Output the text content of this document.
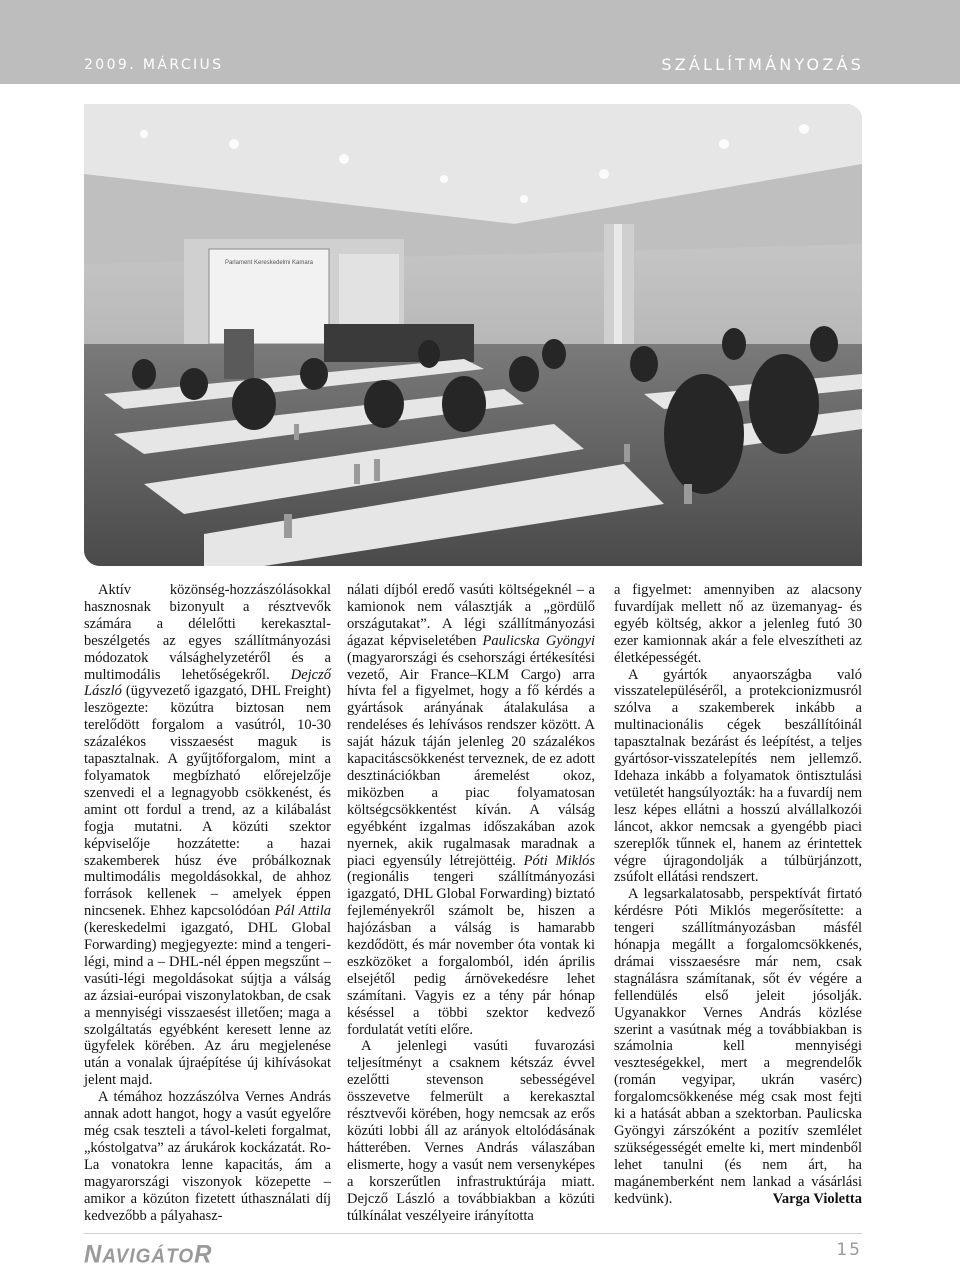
2009. MÁRCIUS	SZÁLLÍTMÁNYOZÁS
Parlament Kereskedelmi Kamara

Aktív közönség-hozzászólásokkal hasznosnak bizonyult a résztvevők számára a délelőtti kerekasztal-beszélgetés az egyes szállítmányozási módozatok válsághelyzetéről és a multimodális lehetőségekről. Dejcző László (ügyvezető igazgató, DHL Freight) leszögezte: közútra biztosan nem terelődött forgalom a vasútról, 10-30 százalékos visszaesést maguk is tapasztalnak. A gyűjtőforgalom, mint a folyamatok megbízható előrejelzője szenvedi el a legnagyobb csökkenést, és amint ott fordul a trend, az a kilábalást fogja mutatni. A közúti szektor képviselője hozzátette: a hazai szakemberek húsz éve próbálkoznak multimodális megoldásokkal, de ahhoz források kellenek – amelyek éppen nincsenek. Ehhez kapcsolódóan Pál Attila (kereskedelmi igazgató, DHL Global Forwarding) megjegyezte: mind a tengeri-légi, mind a – DHL-nél éppen megszűnt – vasúti-légi megoldásokat sújtja a válság az ázsiai-európai viszonylatokban, de csak a mennyiségi visszaesést illetően; maga a szolgáltatás egyébként keresett lenne az ügyfelek körében. Az áru megjelenése után a vonalak újraépítése új kihívásokat jelent majd.

A témához hozzászólva Vernes András annak adott hangot, hogy a vasút egyelőre még csak teszteli a távol-keleti forgalmat, „kóstolgatva” az árukárok kockázatát. Ro-La vonatokra lenne kapacitás, ám a magyarországi viszonyok közepette – amikor a közúton fizetett úthasználati díj kedvezőbb a pályahasz-

nálati díjból eredő vasúti költségeknél – a kamionok nem választják a „gördülő országutakat”. A légi szállítmányozási ágazat képviseletében Paulicska Gyöngyi (magyarországi és csehországi értékesítési vezető, Air France–KLM Cargo) arra hívta fel a figyelmet, hogy a fő kérdés a gyártások arányának átalakulása a rendeléses és lehívásos rendszer között. A saját házuk táján jelenleg 20 százalékos kapacitáscsökkenést terveznek, de ez adott desztinációkban áremelést okoz, miközben a piac folyamatosan költségcsökkentést kíván. A válság egyébként izgalmas időszakában azok nyernek, akik rugalmasak maradnak a piaci egyensúly létrejöttéig. Póti Miklós (regionális tengeri szállítmányozási igazgató, DHL Global Forwarding) biztató fejleményekről számolt be, hiszen a hajózásban a válság is hamarabb kezdődött, és már november óta vontak ki eszközöket a forgalomból, idén április elsejétől pedig árnövekedésre lehet számítani. Vagyis ez a tény pár hónap késéssel a többi szektor kedvező fordulatát vetíti előre.

A jelenlegi vasúti fuvarozási teljesítményt a csaknem kétszáz évvel ezelőtti stevenson sebességével összevetve felmerült a kerekasztal résztvevői körében, hogy nemcsak az erős közúti lobbi áll az arányok eltolódásának hátterében. Vernes András válaszában elismerte, hogy a vasút nem versenyképes a korszerűtlen infrastruktúrája miatt. Dejcző László a továbbiakban a közúti túlkínálat veszélyeire irányította

a figyelmet: amennyiben az alacsony fuvardíjak mellett nő az üzemanyag- és egyéb költség, akkor a jelenleg futó 30 ezer kamionnak akár a fele elveszítheti az életképességét.

A gyártók anyaországba való visszatelepüléséről, a protekcionizmusról szólva a szakemberek inkább a multinacionális cégek beszállítóinál tapasztalnak bezárást és leépítést, a teljes gyártósor-visszatelepítés nem jellemző. Idehaza inkább a folyamatok öntisztulási vetületét hangsúlyozták: ha a fuvardíj nem lesz képes ellátni a hosszú alvállalkozói láncot, akkor nemcsak a gyengébb piaci szereplők tűnnek el, hanem az érintettek végre újragondolják a túlbürjánzott, zsúfolt ellátási rendszert.

A legsarkalatosabb, perspektívát firtató kérdésre Póti Miklós megerősítette: a tengeri szállítmányozásban másfél hónapja megállt a forgalomcsökkenés, drámai visszaesésre már nem, csak stagnálásra számítanak, sőt év végére a fellendülés első jeleit jósolják. Ugyanakkor Vernes András közlése szerint a vasútnak még a továbbiakban is számolnia kell mennyiségi veszteségekkel, mert a megrendelők (román vegyipar, ukrán vasérc) forgalomcsökkenése még csak most fejti ki a hatását abban a szektorban. Paulicska Gyöngyi zárszóként a pozitív szemlélet szükségességét emelte ki, mert mindenből lehet tanulni (és nem árt, ha magánemberként nem lankad a vásárlási kedvünk).	Varga Violetta

NAVIGÁTOR	15
